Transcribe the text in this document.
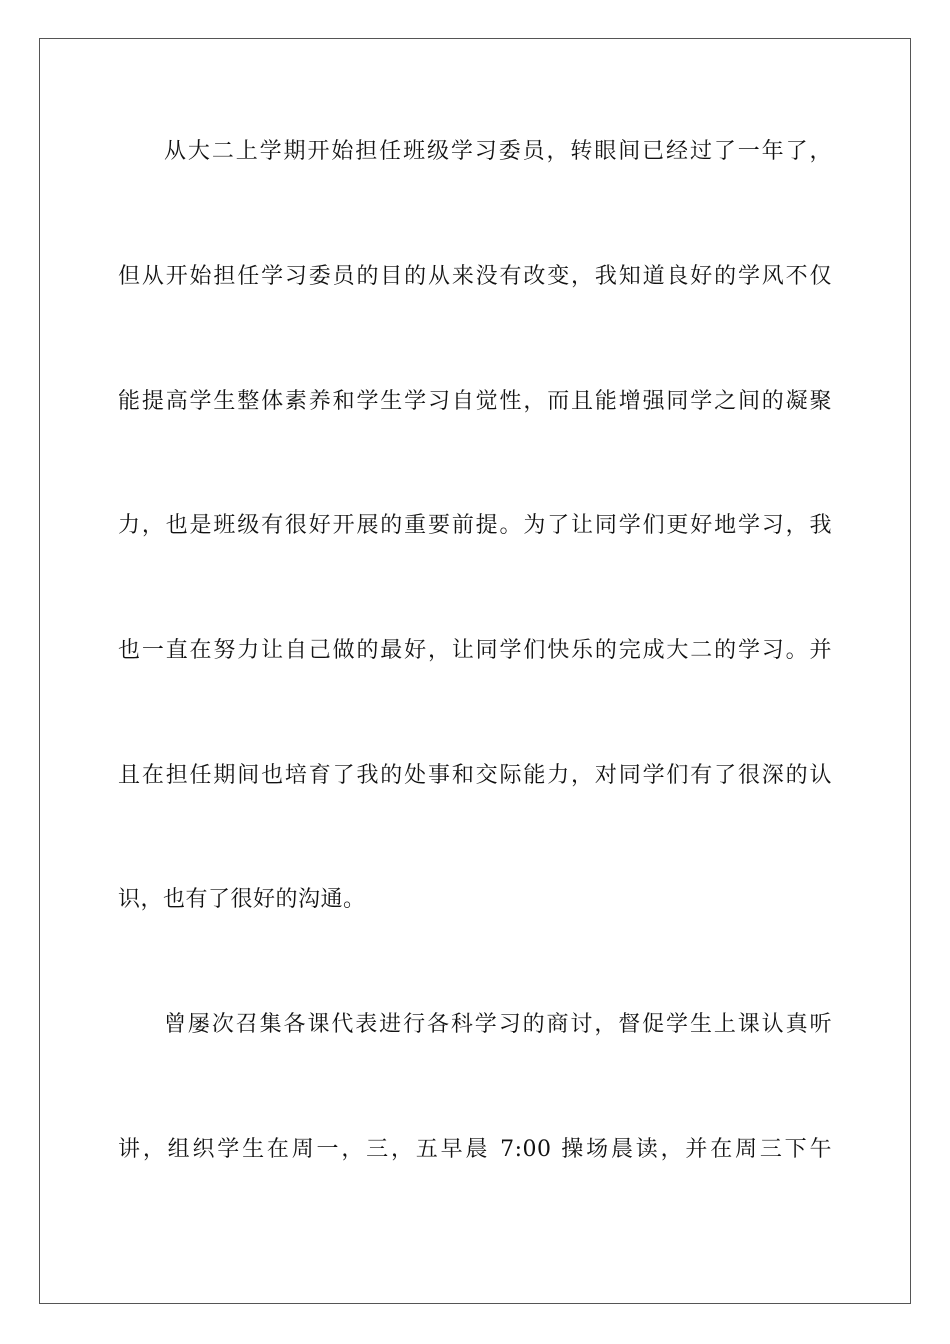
从大二上学期开始担任班级学习委员，转眼间已经过了一年了，
但从开始担任学习委员的目的从来没有改变，我知道良好的学风不仅
能提高学生整体素养和学生学习自觉性，而且能增强同学之间的凝聚
力，也是班级有很好开展的重要前提。为了让同学们更好地学习，我
也一直在努力让自己做的最好，让同学们快乐的完成大二的学习。并
且在担任期间也培育了我的处事和交际能力，对同学们有了很深的认
识，也有了很好的沟通。
曾屡次召集各课代表进行各科学习的商讨，督促学生上课认真听
讲，组织学生在周一，三，五早晨 7:00 操场晨读，并在周三下午
